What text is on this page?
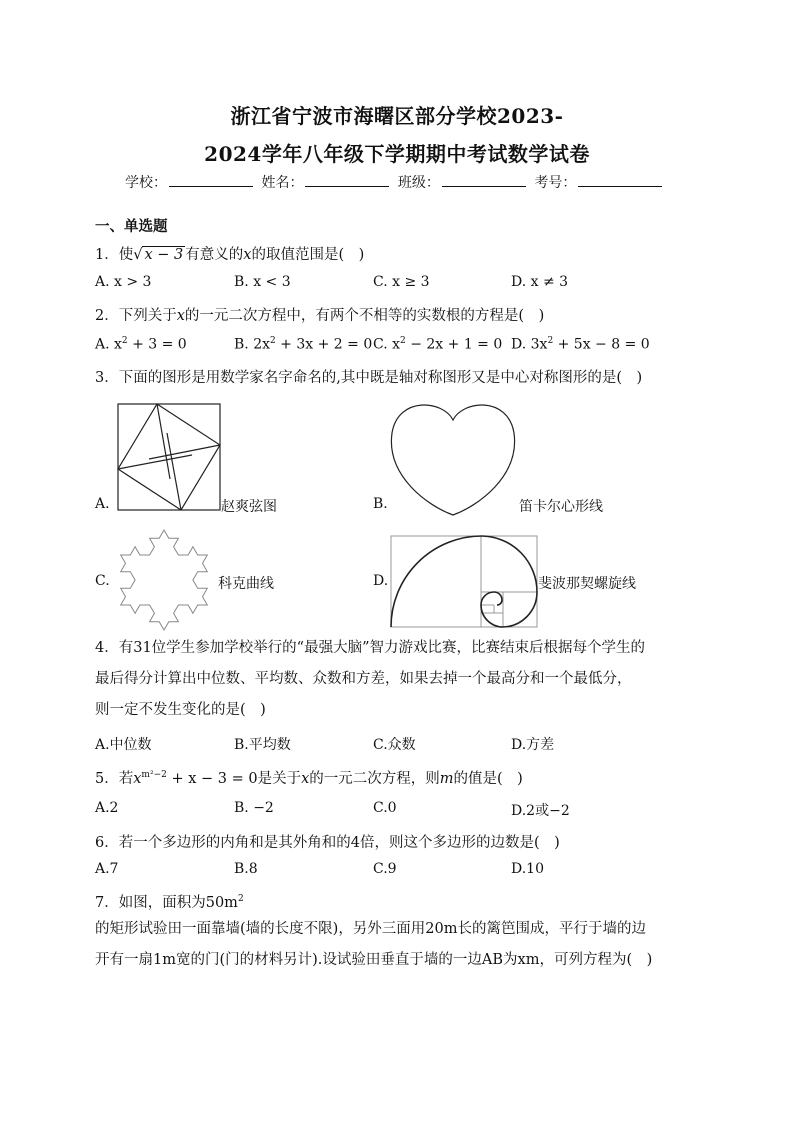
浙江省宁波市海曙区部分学校2023-
2024学年八年级下学期期中考试数学试卷
学校：	姓名：	班级：	考号：
一、单选题
1．使√ x − 3 有意义的x的取值范围是(　)
A. x > 3	B. x < 3	C. x ≥ 3	D. x ≠ 3
2．下列关于x的一元二次方程中，有两个不相等的实数根的方程是(　)
A. $x^2 + 3 = 0$	B. $2x^2 + 3x + 2 = 0$ C. $x^2 - 2x + 1 = 0$ D. $3x^2 + 5x - 8 = 0$
3．下面的图形是用数学家名字命名的,其中既是轴对称图形又是中心对称图形的是(　)
A.	赵爽弦图	B.	笛卡尔心形线
C.	科克曲线	D.	斐波那契螺旋线
4．有31位学生参加学校举行的“最强大脑”智力游戏比赛，比赛结束后根据每个学生的
最后得分计算出中位数、平均数、众数和方差，如果去掉一个最高分和一个最低分，
则一定不发生变化的是(　)
A.中位数	B.平均数	C.众数	D.方差
5．若$x^{m^2-2} + x - 3 = 0$是关于x的一元二次方程，则m的值是(　)
A.2	B. −2	C.0	D.2或−2
6．若一个多边形的内角和是其外角和的4倍，则这个多边形的边数是(　)
A.7	B.8	C.9	D.10
7．如图，面积为$50m^2$
的矩形试验田一面靠墙(墙的长度不限)，另外三面用20m长的篱笆围成，平行于墙的边
开有一扇1m宽的门(门的材料另计).设试验田垂直于墙的一边AB为xm，可列方程为(　)
